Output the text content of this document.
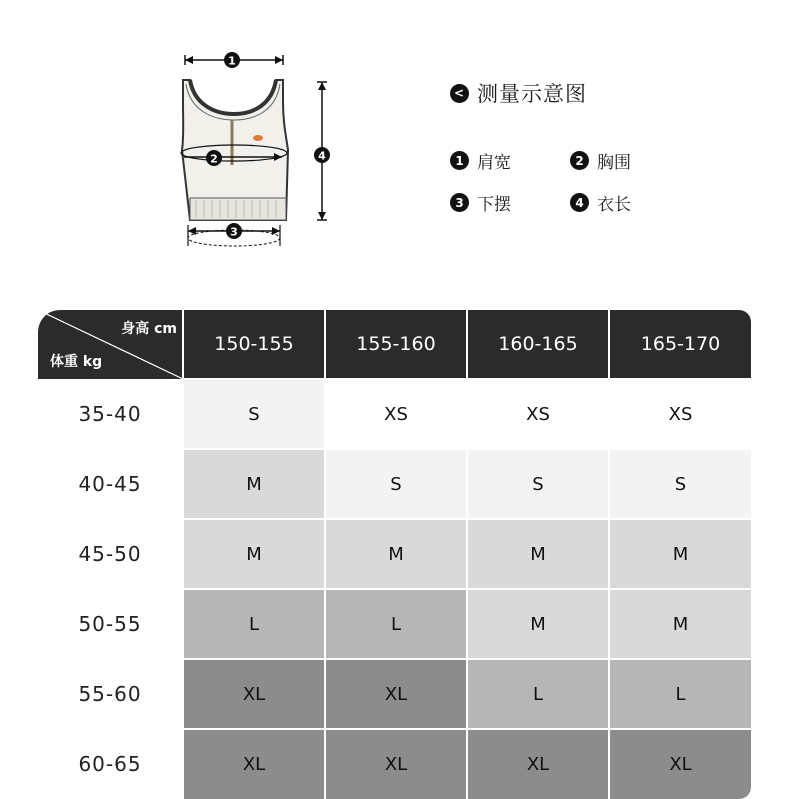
1
2	4
3
< 测量示意图
1 肩宽	2 胸围
3 下摆	4 衣长
身高 cm
体重 kg	150-155	155-160	160-165	165-170
35-40	S	XS	XS	XS
40-45	M	S	S	S
45-50	M	M	M	M
50-55	L	L	M	M
55-60	XL	XL	L	L
60-65	XL	XL	XL	XL
